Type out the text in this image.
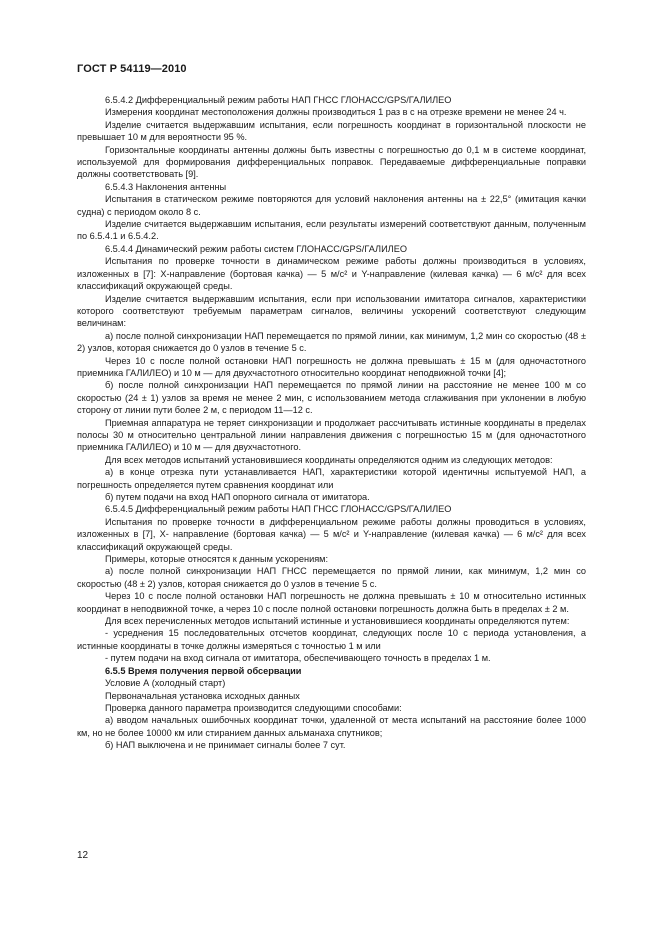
ГОСТ Р 54119—2010

6.5.4.2 Дифференциальный режим работы НАП ГНСС ГЛОНАСС/GPS/ГАЛИЛЕО

Измерения координат местоположения должны производиться 1 раз в с на отрезке времени не менее 24 ч.

Изделие считается выдержавшим испытания, если погрешность координат в горизонтальной плоскости не превышает 10 м для вероятности 95 %.

Горизонтальные координаты антенны должны быть известны с погрешностью до 0,1 м в системе координат, используемой для формирования дифференциальных поправок. Передаваемые дифференциальные поправки должны соответствовать [9].

6.5.4.3 Наклонения антенны

Испытания в статическом режиме повторяются для условий наклонения антенны на ± 22,5° (имитация качки судна) с периодом около 8 с.

Изделие считается выдержавшим испытания, если результаты измерений соответствуют данным, полученным по 6.5.4.1 и 6.5.4.2.

6.5.4.4 Динамический режим работы систем ГЛОНАСС/GPS/ГАЛИЛЕО

Испытания по проверке точности в динамическом режиме работы должны производиться в условиях, изложенных в [7]: X-направление (бортовая качка) — 5 м/с² и Y-направление (килевая качка) — 6 м/с² для всех классификаций окружающей среды.

Изделие считается выдержавшим испытания, если при использовании имитатора сигналов, характеристики которого соответствуют требуемым параметрам сигналов, величины ускорений соответствуют следующим величинам:

а) после полной синхронизации НАП перемещается по прямой линии, как минимум, 1,2 мин со скоростью (48 ± 2) узлов, которая снижается до 0 узлов в течение 5 с.

Через 10 с после полной остановки НАП погрешность не должна превышать ± 15 м (для одночастотного приемника ГАЛИЛЕО) и 10 м — для двухчастотного относительно координат неподвижной точки [4];

б) после полной синхронизации НАП перемещается по прямой линии на расстояние не менее 100 м со скоростью (24 ± 1) узлов за время не менее 2 мин, с использованием метода сглаживания при уклонении в любую сторону от линии пути более 2 м, с периодом 11—12 с.

Приемная аппаратура не теряет синхронизации и продолжает рассчитывать истинные координаты в пределах полосы 30 м относительно центральной линии направления движения с погрешностью 15 м (для одночастотного приемника ГАЛИЛЕО) и 10 м — для двухчастотного.

Для всех методов испытаний установившиеся координаты определяются одним из следующих методов:

а) в конце отрезка пути устанавливается НАП, характеристики которой идентичны испытуемой НАП, а погрешность определяется путем сравнения координат или

б) путем подачи на вход НАП опорного сигнала от имитатора.

6.5.4.5 Дифференциальный режим работы НАП ГНСС ГЛОНАСС/GPS/ГАЛИЛЕО

Испытания по проверке точности в дифференциальном режиме работы должны проводиться в условиях, изложенных в [7], X- направление (бортовая качка) — 5 м/с² и Y-направление (килевая качка) — 6 м/с² для всех классификаций окружающей среды.

Примеры, которые относятся к данным ускорениям:

а) после полной синхронизации НАП ГНСС перемещается по прямой линии, как минимум, 1,2 мин со скоростью (48 ± 2) узлов, которая снижается до 0 узлов в течение 5 с.

Через 10 с после полной остановки НАП погрешность не должна превышать ± 10 м относительно истинных координат в неподвижной точке, а через 10 с после полной остановки погрешность должна быть в пределах ± 2 м.

Для всех перечисленных методов испытаний истинные и установившиеся координаты определяются путем:

- усреднения 15 последовательных отсчетов координат, следующих после 10 с периода установления, а истинные координаты в точке должны измеряться с точностью 1 м или

- путем подачи на вход сигнала от имитатора, обеспечивающего точность в пределах 1 м.

6.5.5 Время получения первой обсервации

Условие А (холодный старт)

Первоначальная установка исходных данных

Проверка данного параметра производится следующими способами:

а) вводом начальных ошибочных координат точки, удаленной от места испытаний на расстояние более 1000 км, но не более 10000 км или стиранием данных альманаха спутников;

б) НАП выключена и не принимает сигналы более 7 сут.

12
